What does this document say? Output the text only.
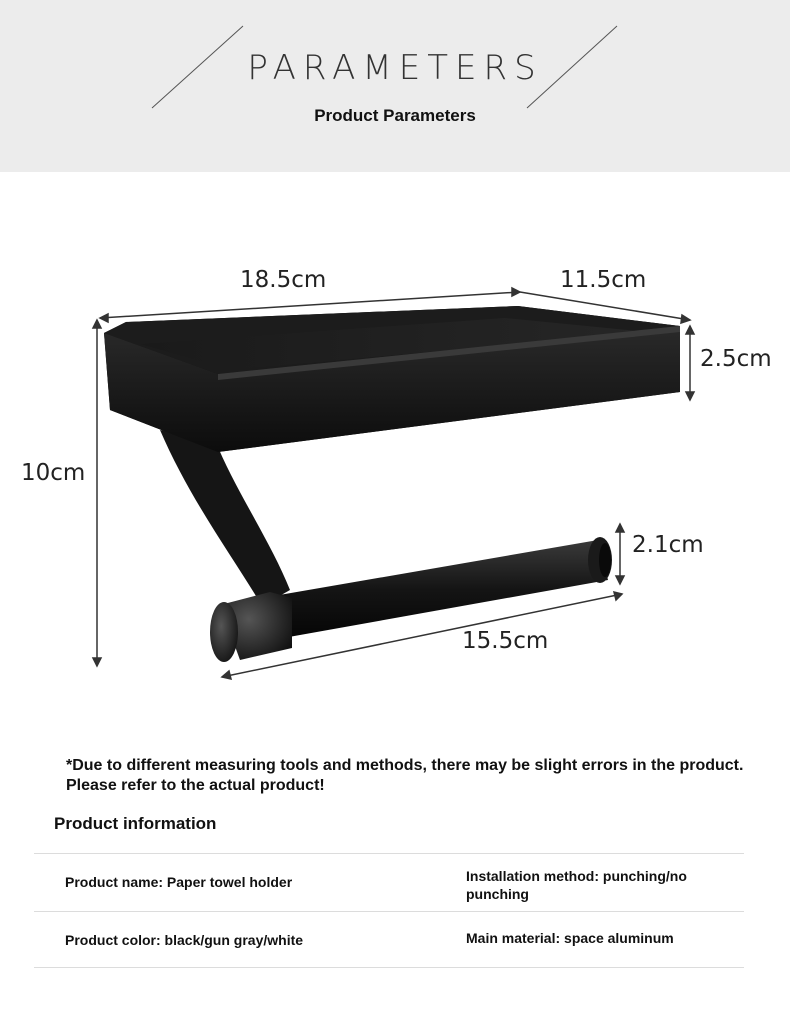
PARAMETERS
Product Parameters
18.5cm	11.5cm
2.5cm
10cm
2.1cm
15.5cm
*Due to different measuring tools and methods, there may be slight errors in the product. Please refer to the actual product!
Product information
Product name: Paper towel holder	Installation method: punching/no punching
Product color: black/gun gray/white	Main material: space aluminum
